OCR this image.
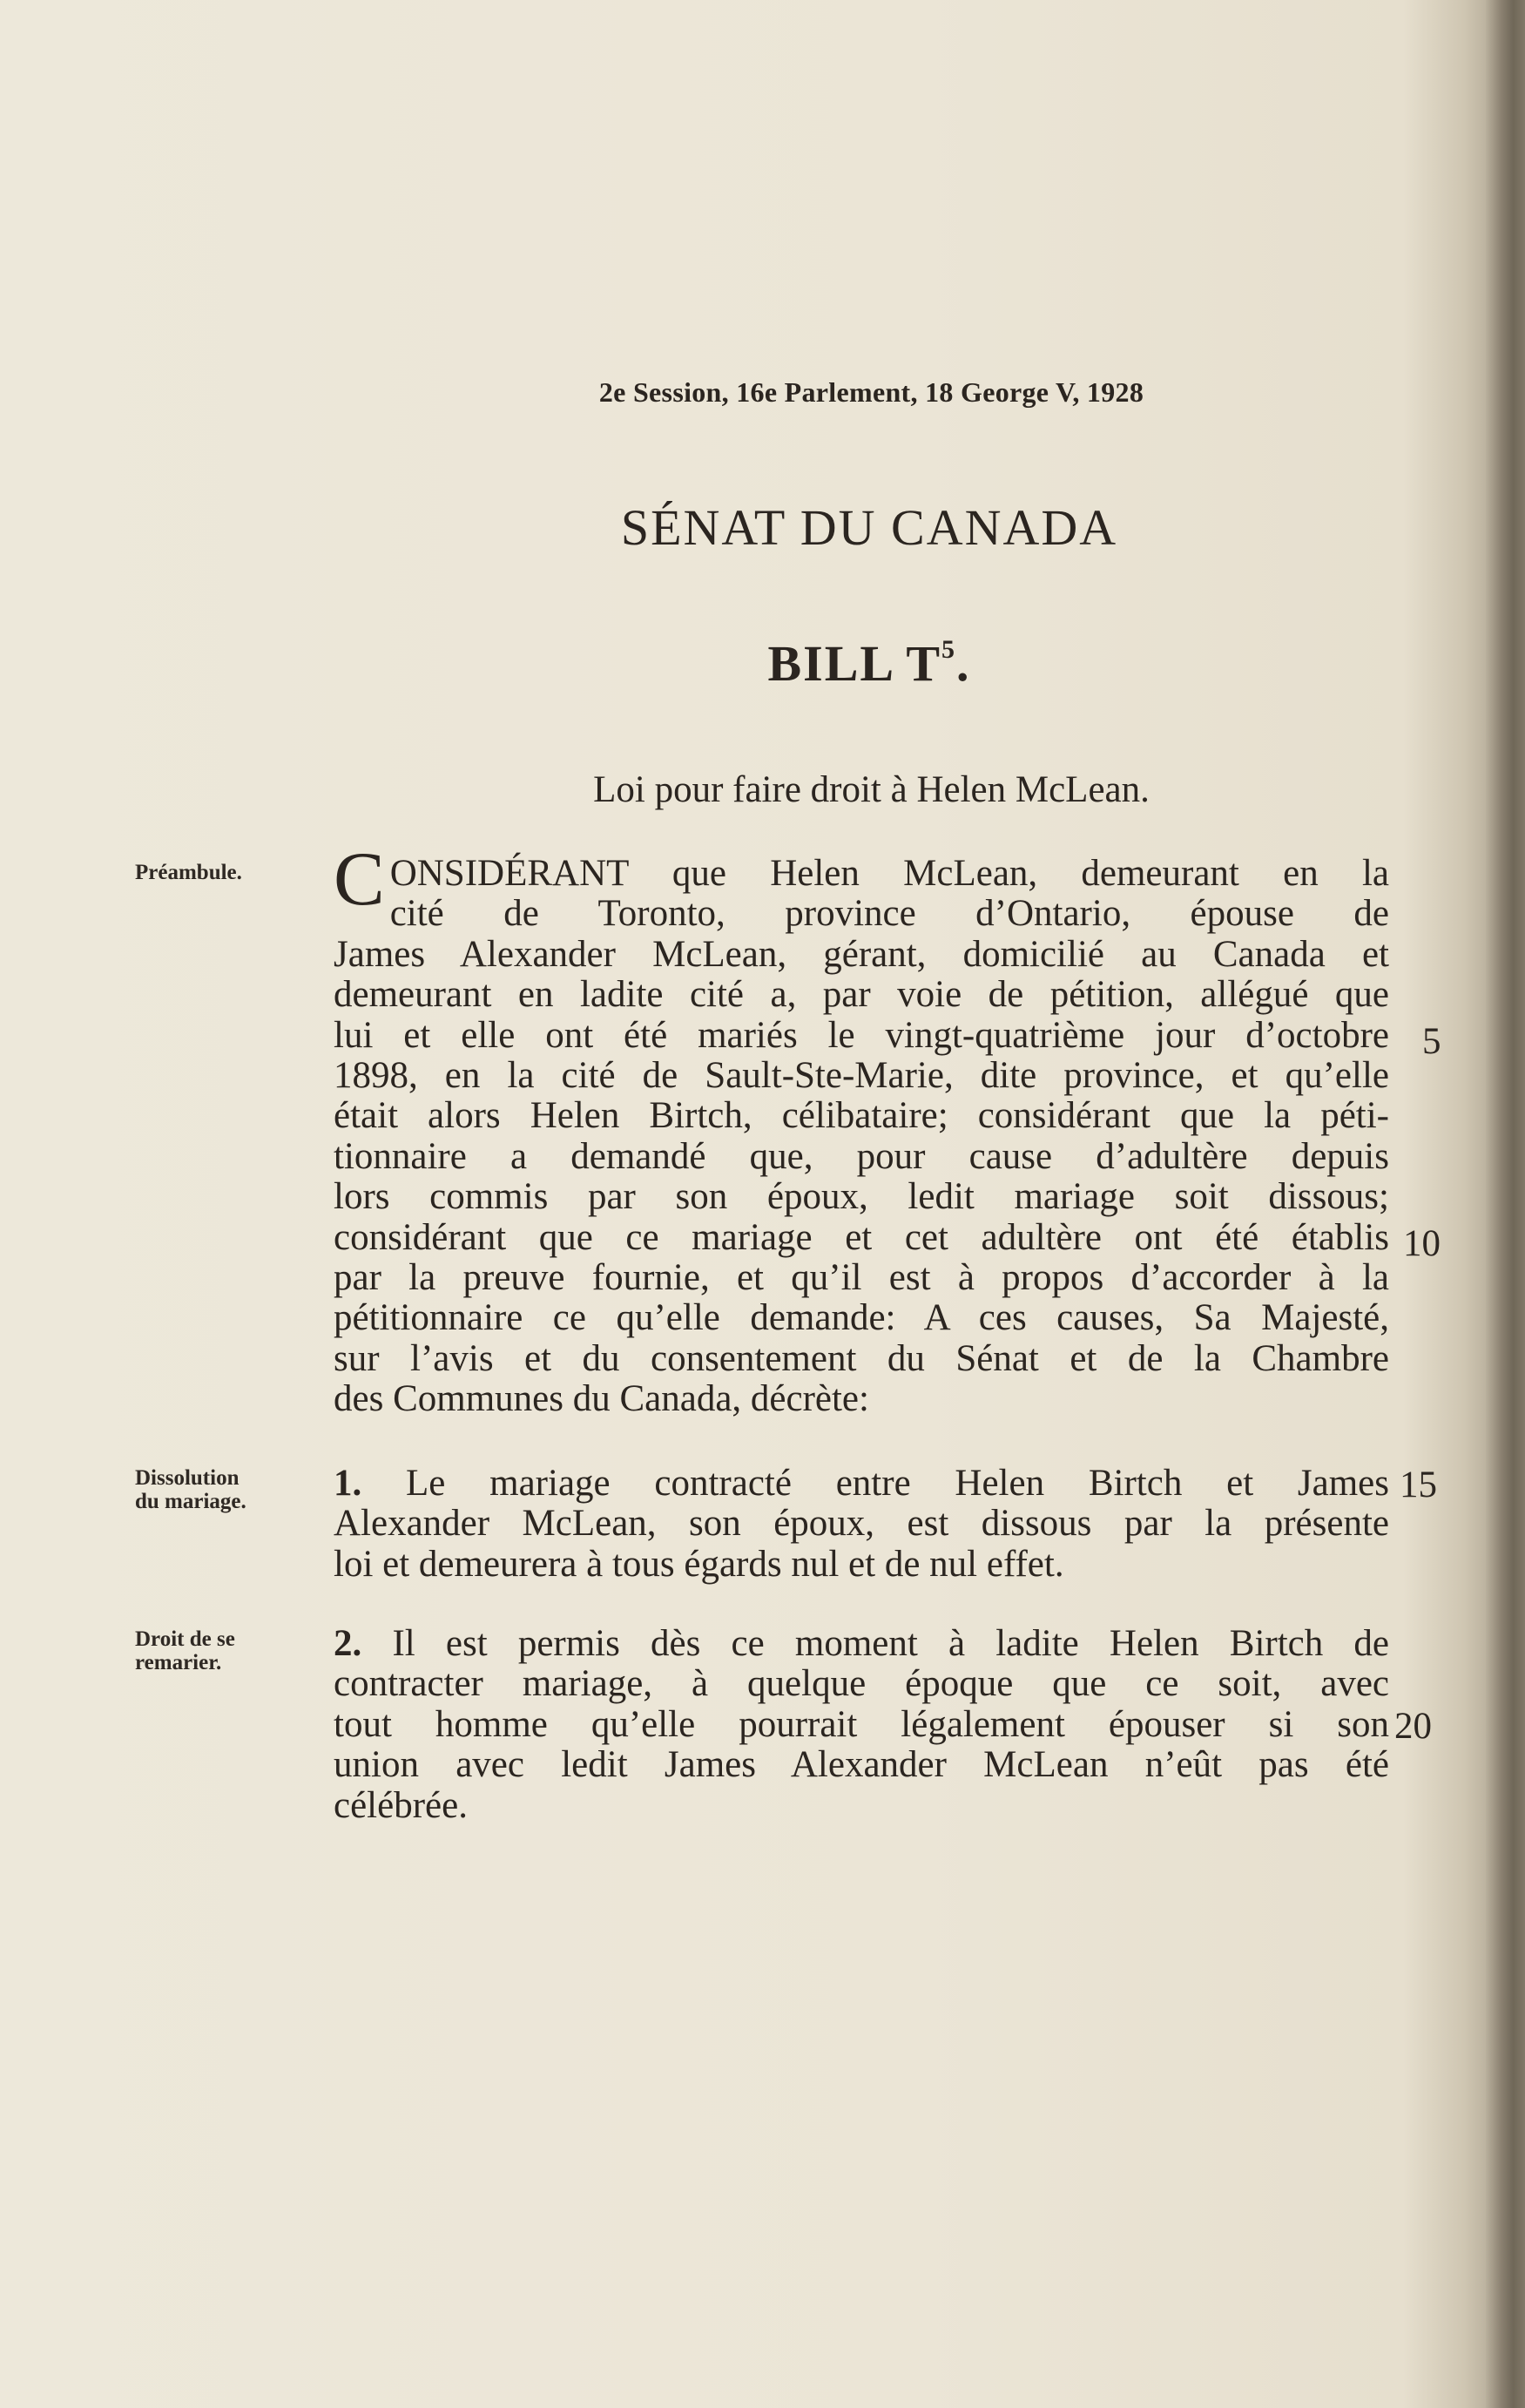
2e Session, 16e Parlement, 18 George V, 1928
SÉNAT DU CANADA
BILL $T^5$.
Loi pour faire droit à Helen McLean.
Préambule.
Dissolution
du mariage.
Droit de se
remarier.
CONSIDÉRANT que Helen McLean, demeurant en la
cité de Toronto, province d’Ontario, épouse de
James Alexander McLean, gérant, domicilié au Canada et
demeurant en ladite cité a, par voie de pétition, allégué que
lui et elle ont été mariés le vingt-quatrième jour d’octobre
1898, en la cité de Sault-Ste-Marie, dite province, et qu’elle
était alors Helen Birtch, célibataire; considérant que la péti-
tionnaire a demandé que, pour cause d’adultère depuis
lors commis par son époux, ledit mariage soit dissous;
considérant que ce mariage et cet adultère ont été établis
par la preuve fournie, et qu’il est à propos d’accorder à la
pétitionnaire ce qu’elle demande: A ces causes, Sa Majesté,
sur l’avis et du consentement du Sénat et de la Chambre
des Communes du Canada, décrète:
1. Le mariage contracté entre Helen Birtch et James
Alexander McLean, son époux, est dissous par la présente
loi et demeurera à tous égards nul et de nul effet.
2. Il est permis dès ce moment à ladite Helen Birtch de
contracter mariage, à quelque époque que ce soit, avec
tout homme qu’elle pourrait légalement épouser si son
union avec ledit James Alexander McLean n’eût pas été
célébrée.
5
10
15
20
